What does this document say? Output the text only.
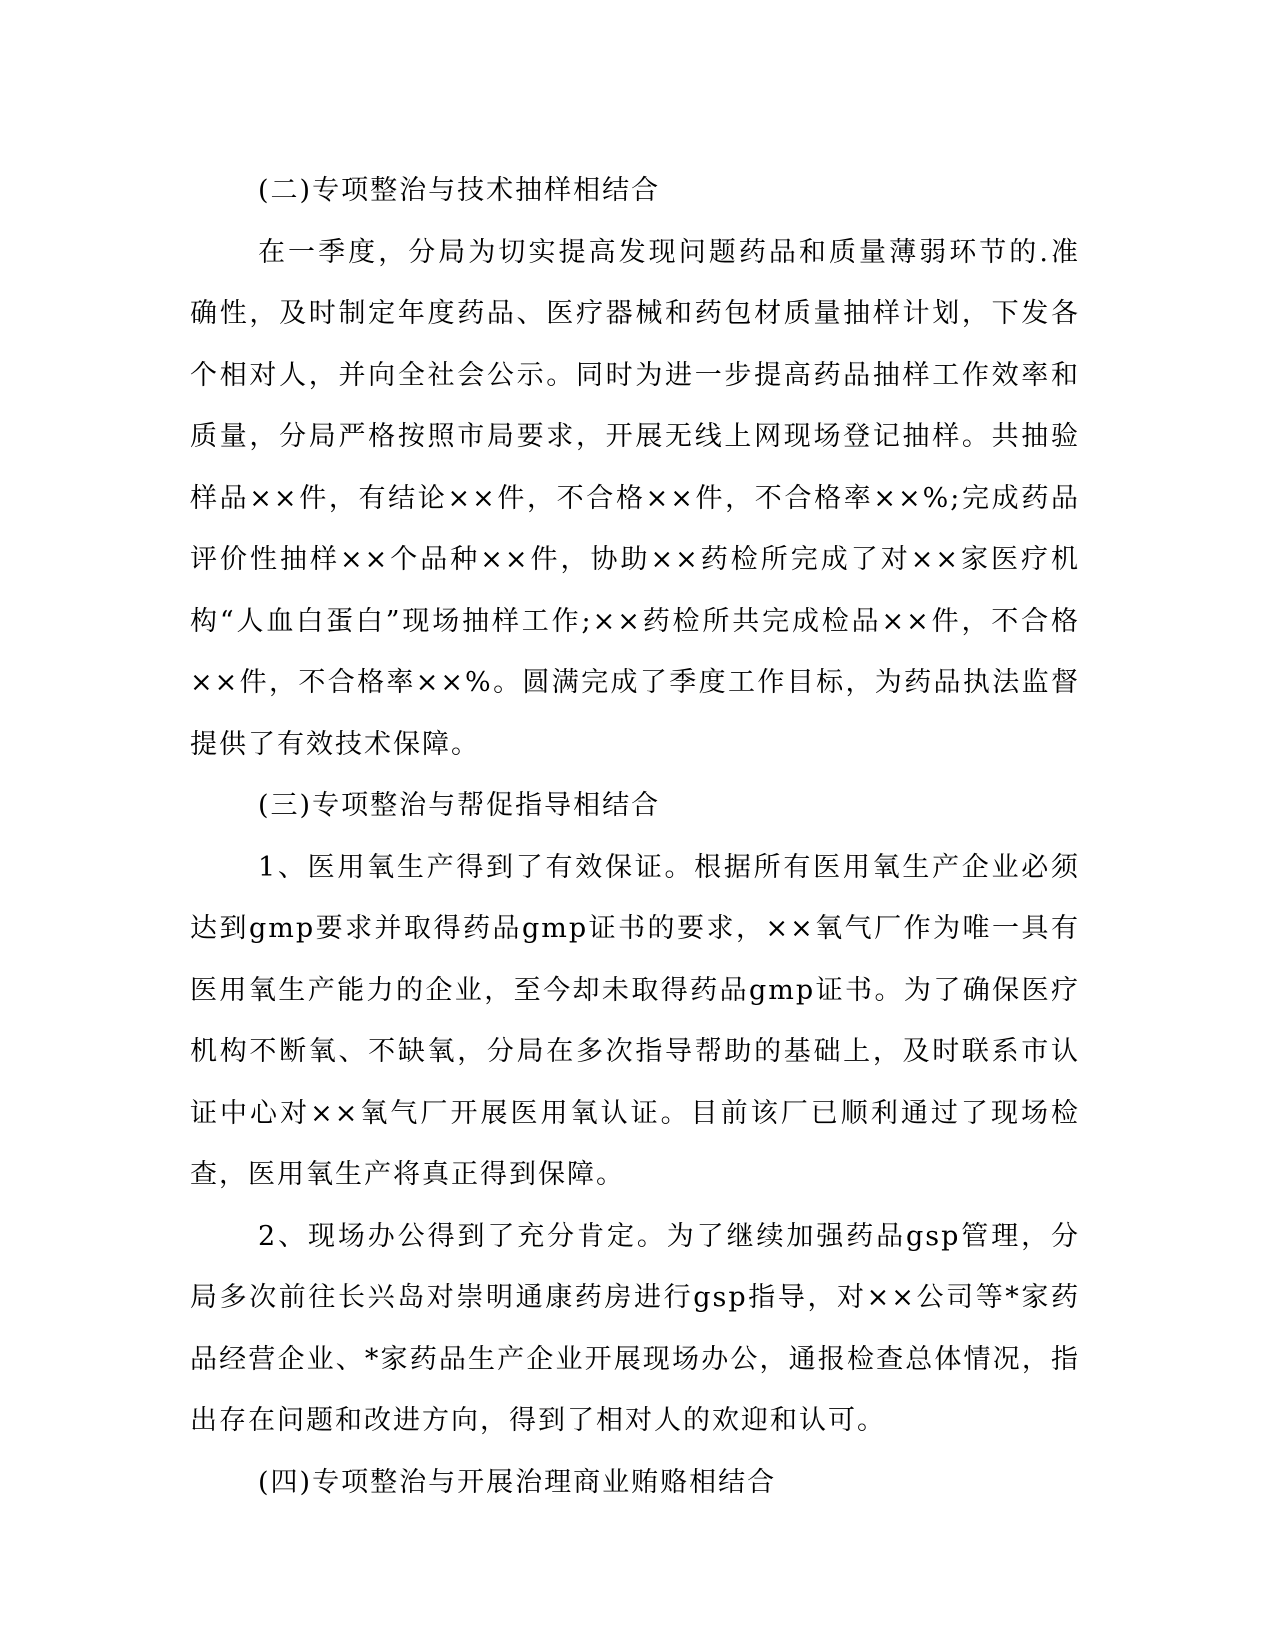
(二)专项整治与技术抽样相结合

在一季度，分局为切实提高发现问题药品和质量薄弱环节的.准确性，及时制定年度药品、医疗器械和药包材质量抽样计划，下发各个相对人，并向全社会公示。同时为进一步提高药品抽样工作效率和质量，分局严格按照市局要求，开展无线上网现场登记抽样。共抽验样品××件，有结论××件，不合格××件，不合格率××%;完成药品评价性抽样××个品种××件，协助××药检所完成了对××家医疗机构“人血白蛋白”现场抽样工作;××药检所共完成检品××件，不合格××件，不合格率××%。圆满完成了季度工作目标，为药品执法监督提供了有效技术保障。

(三)专项整治与帮促指导相结合

1、医用氧生产得到了有效保证。根据所有医用氧生产企业必须达到gmp要求并取得药品gmp证书的要求，××氧气厂作为唯一具有医用氧生产能力的企业，至今却未取得药品gmp证书。为了确保医疗机构不断氧、不缺氧，分局在多次指导帮助的基础上，及时联系市认证中心对××氧气厂开展医用氧认证。目前该厂已顺利通过了现场检查，医用氧生产将真正得到保障。

2、现场办公得到了充分肯定。为了继续加强药品gsp管理，分局多次前往长兴岛对崇明通康药房进行gsp指导，对××公司等*家药品经营企业、*家药品生产企业开展现场办公，通报检查总体情况，指出存在问题和改进方向，得到了相对人的欢迎和认可。

(四)专项整治与开展治理商业贿赂相结合
